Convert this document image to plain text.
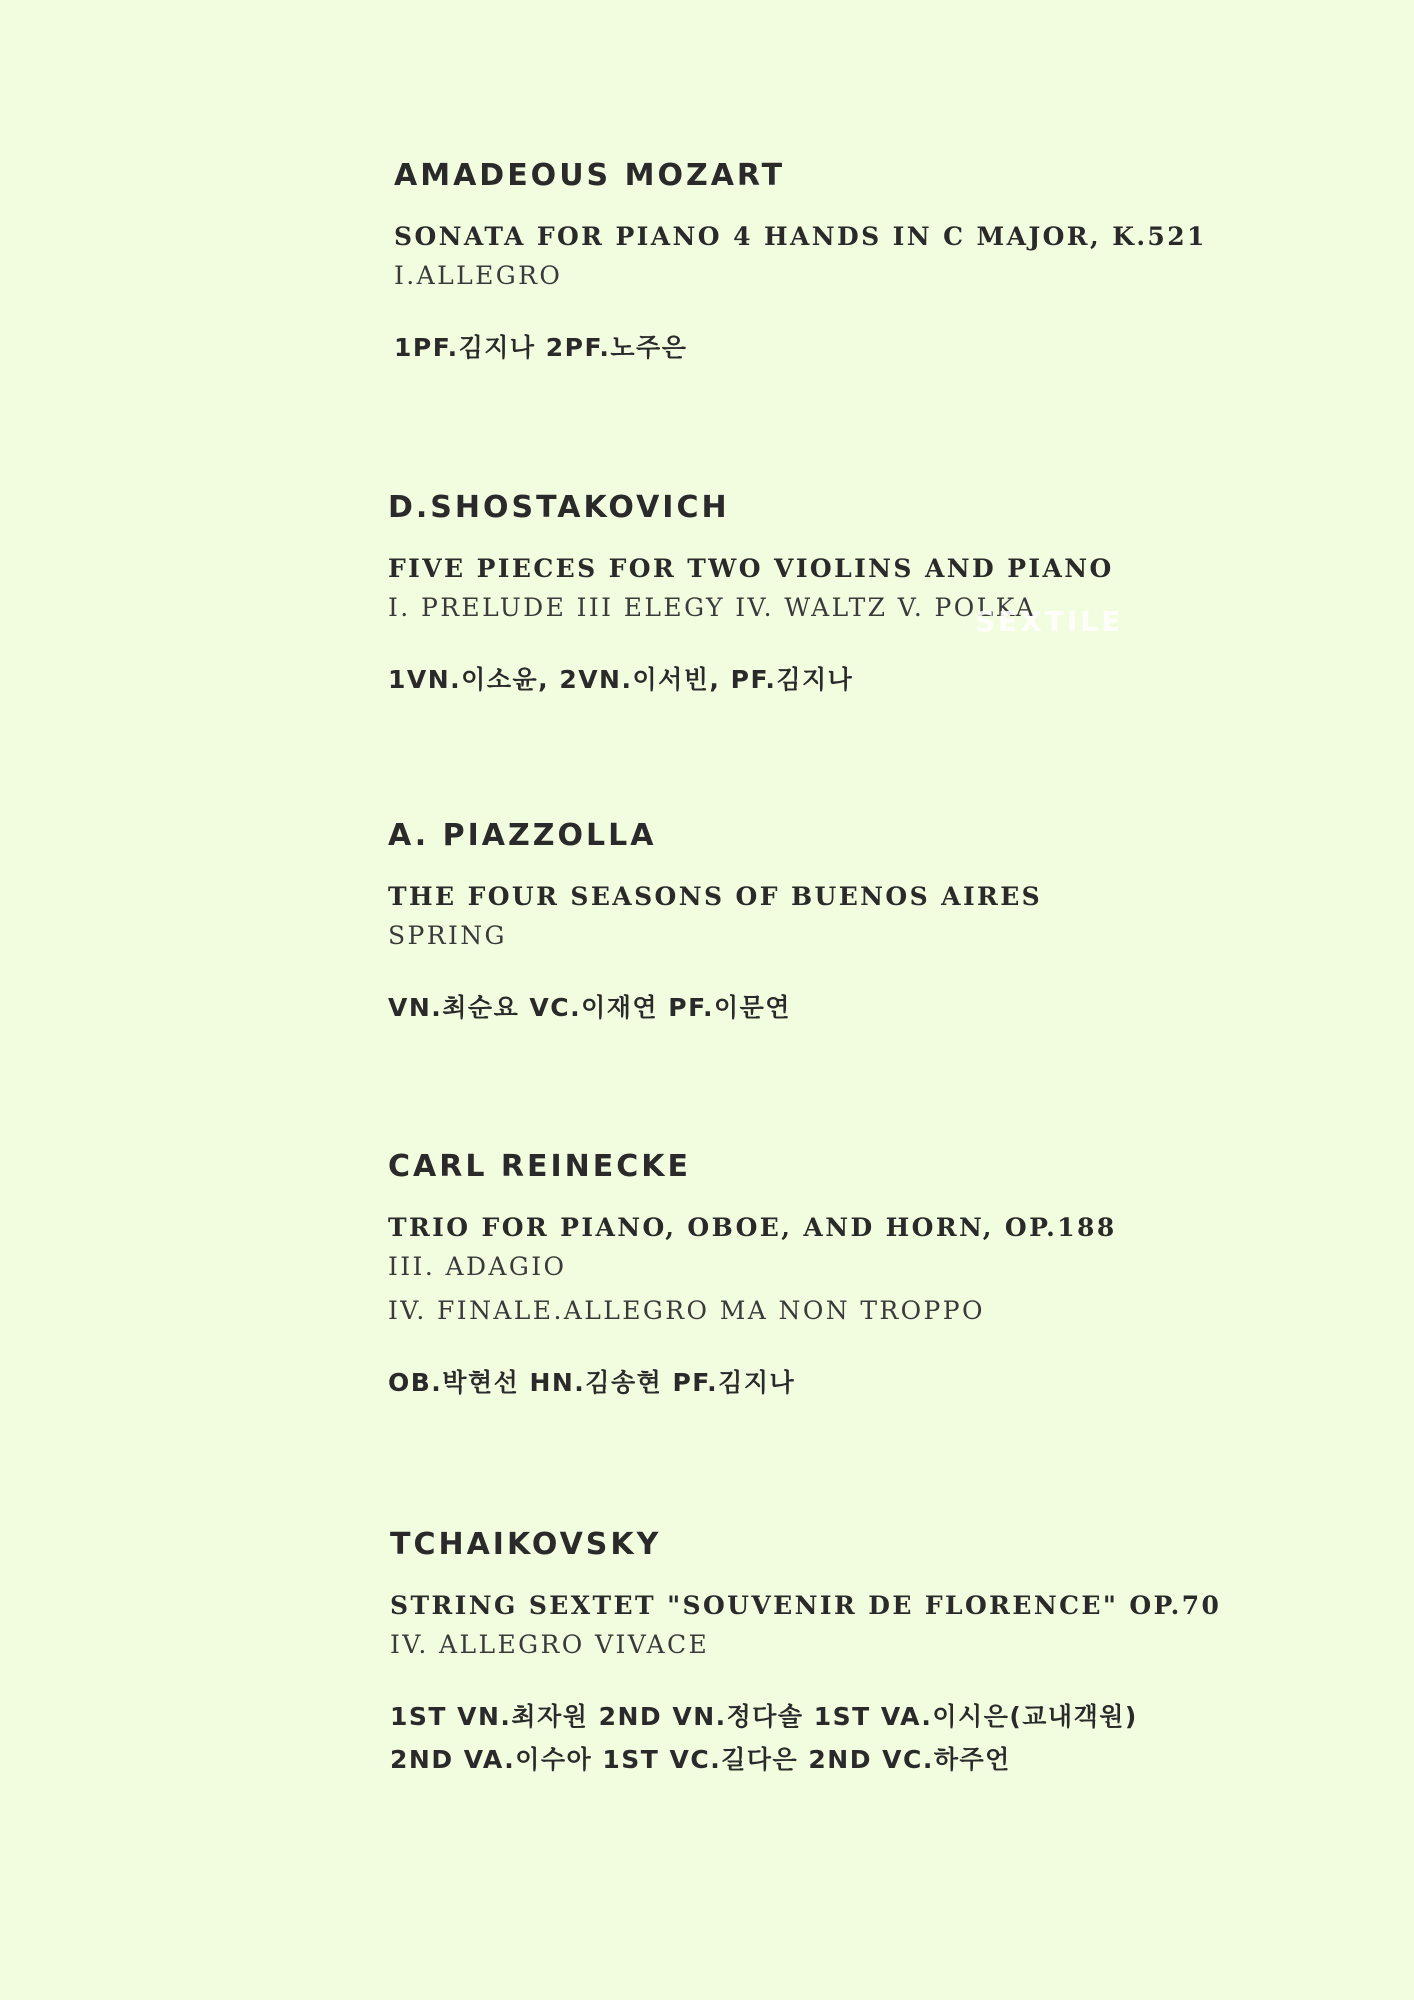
AMADEOUS MOZART

SONATA FOR PIANO 4 HANDS IN C MAJOR, K.521

I.ALLEGRO

1PF.김지나 2PF.노주은

D.SHOSTAKOVICH

FIVE PIECES FOR TWO VIOLINS AND PIANO

I. PRELUDE III ELEGY IV. WALTZ V. POLKA

1VN.이소윤, 2VN.이서빈, PF.김지나

SEXTILE
A. PIAZZOLLA

THE FOUR SEASONS OF BUENOS AIRES

SPRING

VN.최순요 VC.이재연 PF.이문연

CARL REINECKE

TRIO FOR PIANO, OBOE, AND HORN, OP.188

III. ADAGIO

IV. FINALE.ALLEGRO MA NON TROPPO

OB.박현선 HN.김송현 PF.김지나

TCHAIKOVSKY

STRING SEXTET "SOUVENIR DE FLORENCE" OP.70

IV. ALLEGRO VIVACE

1ST VN.최자원 2ND VN.정다솔 1ST VA.이시은(교내객원)

2ND VA.이수아 1ST VC.길다은 2ND VC.하주언
